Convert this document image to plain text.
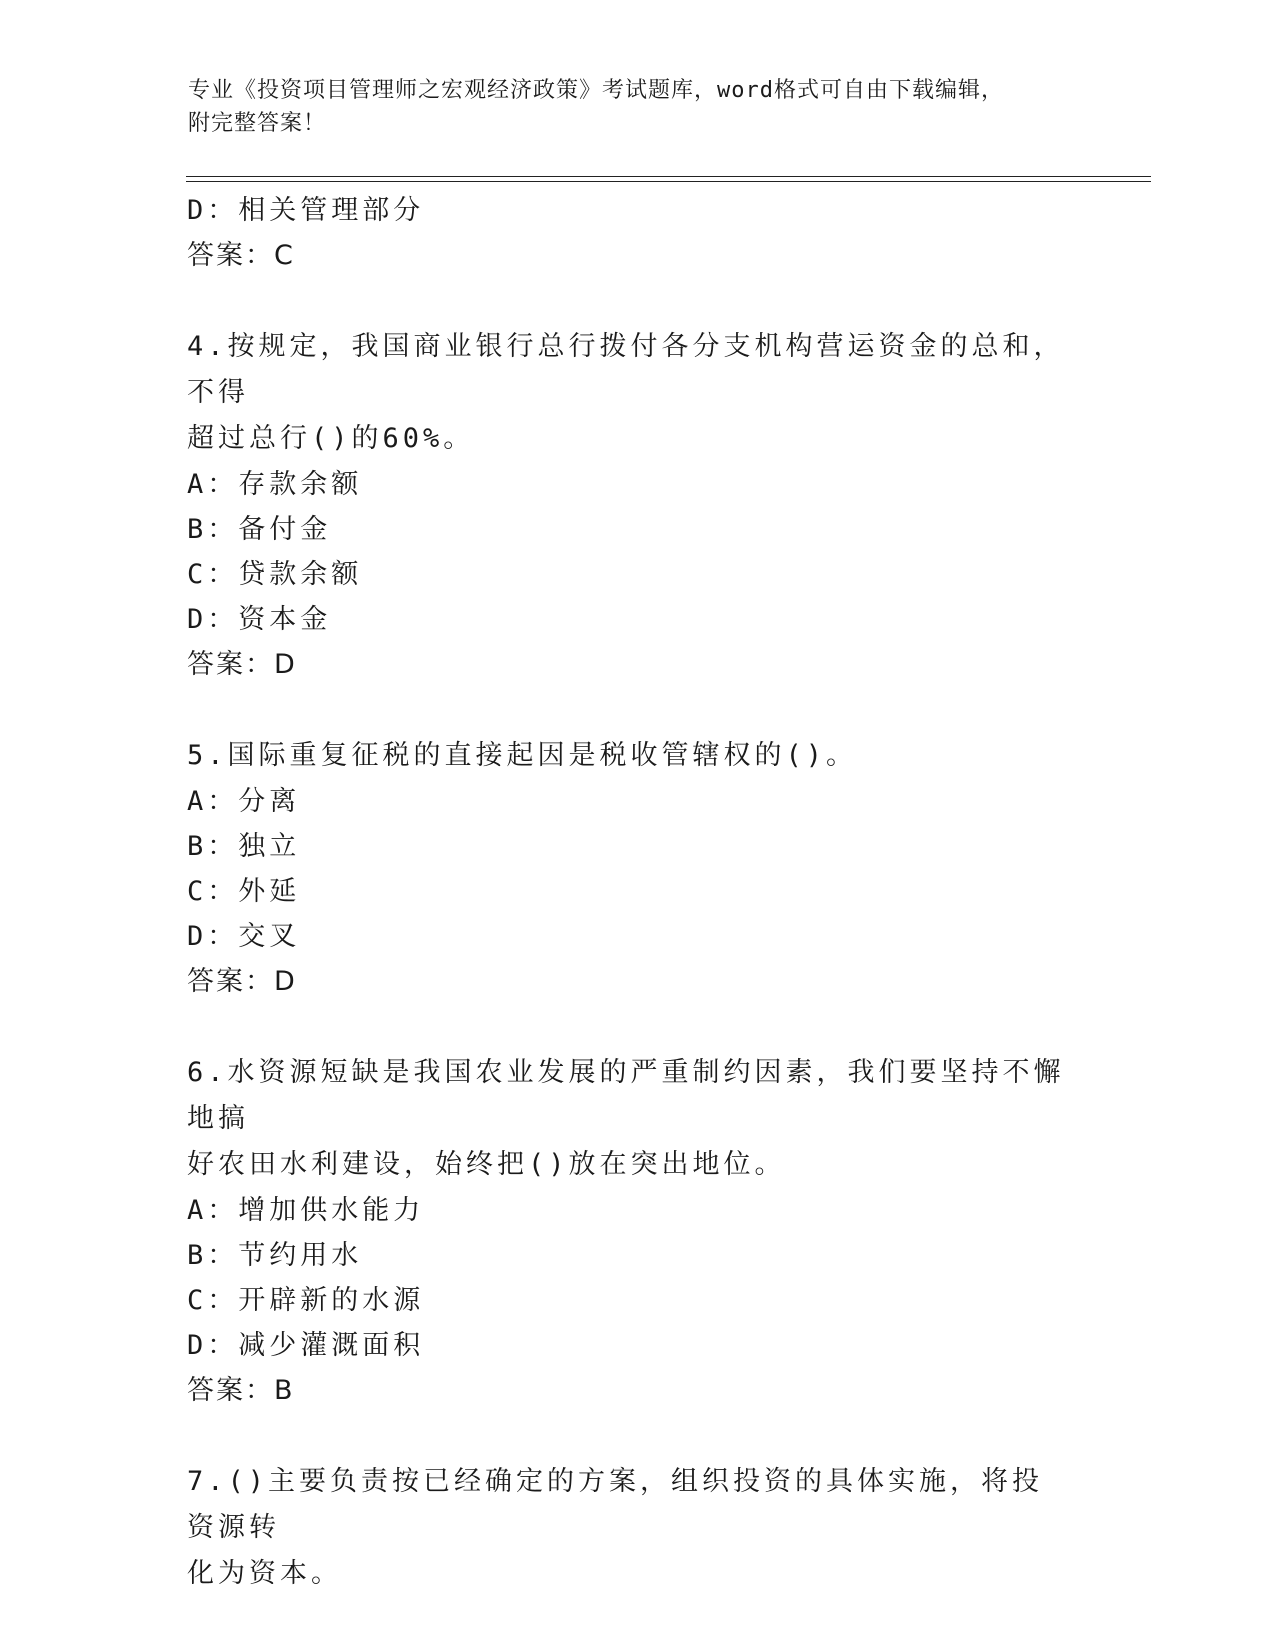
专业《投资项目管理师之宏观经济政策》考试题库，word格式可自由下载编辑，
附完整答案！
D：相关管理部分
答案：C
4.按规定，我国商业银行总行拨付各分支机构营运资金的总和，不得
超过总行()的60%。
A：存款余额
B：备付金
C：贷款余额
D：资本金
答案：D
5.国际重复征税的直接起因是税收管辖权的()。
A：分离
B：独立
C：外延
D：交叉
答案：D
6.水资源短缺是我国农业发展的严重制约因素，我们要坚持不懈地搞
好农田水利建设，始终把()放在突出地位。
A：增加供水能力
B：节约用水
C：开辟新的水源
D：减少灌溉面积
答案：B
7.()主要负责按已经确定的方案，组织投资的具体实施，将投资源转
化为资本。
